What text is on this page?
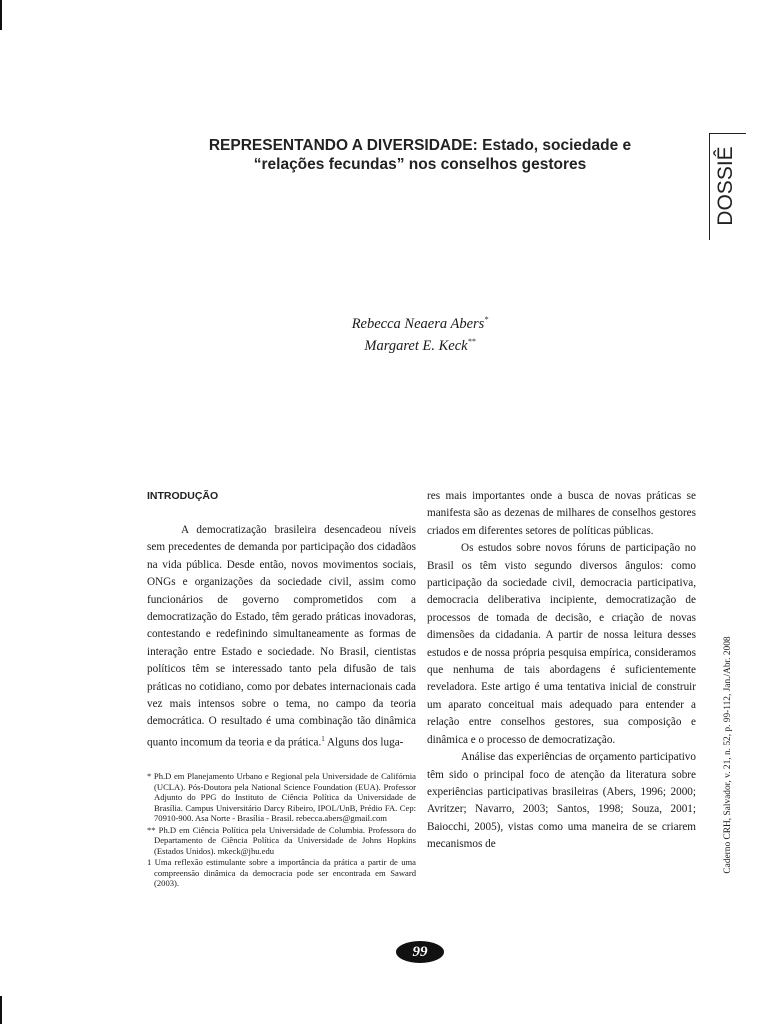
REPRESENTANDO A DIVERSIDADE: Estado, sociedade e
“relações fecundas” nos conselhos gestores	DOSSIÊ
Rebecca Neaera Abers*
Margaret E. Keck**
INTRODUÇÃO

A democratização brasileira desencadeou níveis sem precedentes de demanda por participação dos cidadãos na vida pública. Desde então, novos movimentos sociais, ONGs e organizações da sociedade civil, assim como funcionários de governo comprometidos com a democratização do Estado, têm gerado práticas inovadoras, contestando e redefinindo simultaneamente as formas de interação entre Estado e sociedade. No Brasil, cientistas políticos têm se interessado tanto pela difusão de tais práticas no cotidiano, como por debates internacionais cada vez mais intensos sobre o tema, no campo da teoria democrática. O resultado é uma combinação tão dinâmica quanto incomum da teoria e da prática.$^1$ Alguns dos luga-

* Ph.D em Planejamento Urbano e Regional pela Universidade de Califórnia (UCLA). Pós-Doutora pela National Science Foundation (EUA). Professor Adjunto do PPG do Instituto de Ciência Política da Universidade de Brasília. Campus Universitário Darcy Ribeiro, IPOL/UnB, Prédio FA. Cep: 70910-900. Asa Norte - Brasília - Brasil. rebecca.abers@gmail.com

** Ph.D em Ciência Política pela Universidade de Columbia. Professora do Departamento de Ciência Política da Universidade de Johns Hopkins (Estados Unidos). mkeck@jhu.edu

1 Uma reflexão estimulante sobre a importância da prática a partir de uma compreensão dinâmica da democracia pode ser encontrada em Saward (2003).

res mais importantes onde a busca de novas práticas se manifesta são as dezenas de milhares de conselhos gestores criados em diferentes setores de políticas públicas.

Os estudos sobre novos fóruns de participação no Brasil os têm visto segundo diversos ângulos: como participação da sociedade civil, democracia participativa, democracia deliberativa incipiente, democratização de processos de tomada de decisão, e criação de novas dimensões da cidadania. A partir de nossa leitura desses estudos e de nossa própria pesquisa empírica, consideramos que nenhuma de tais abordagens é suficientemente reveladora. Este artigo é uma tentativa inicial de construir um aparato conceitual mais adequado para entender a relação entre conselhos gestores, sua composição e dinâmica e o processo de democratização.

Análise das experiências de orçamento participativo têm sido o principal foco de atenção da literatura sobre experiências participativas brasileiras (Abers, 1996; 2000; Avritzer; Navarro, 2003; Santos, 1998; Souza, 2001; Baiocchi, 2005), vistas como uma maneira de se criarem mecanismos de	Caderno CRH, Salvador, v. 21, n. 52, p. 99-112, Jan./Abr. 2008
99
